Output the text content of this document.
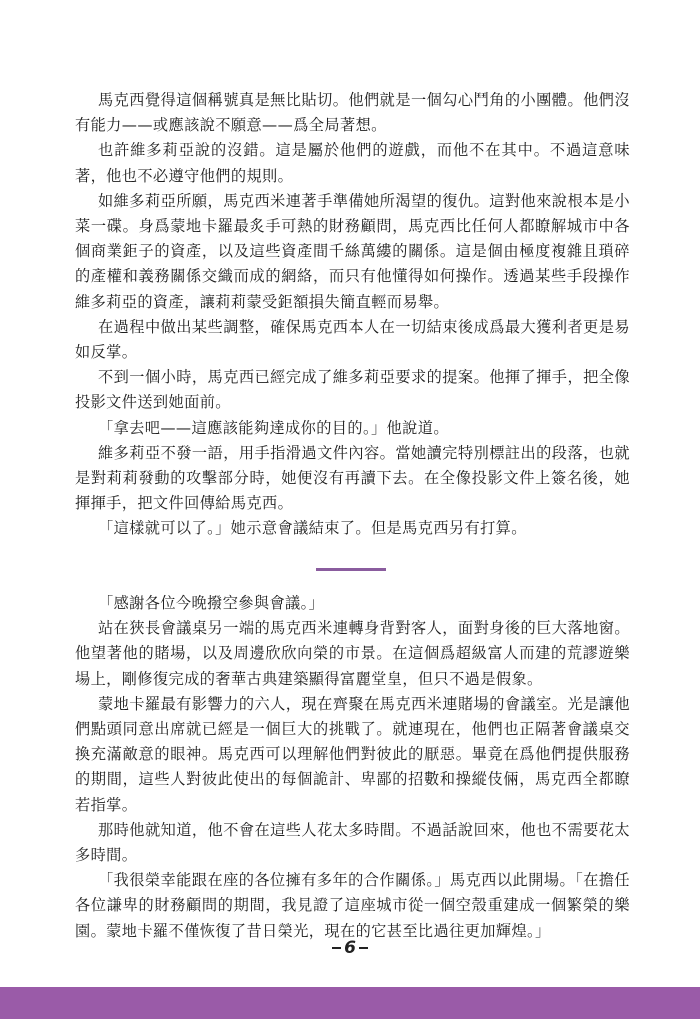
馬克西覺得這個稱號真是無比貼切。他們就是一個勾心鬥角的小團體。他們沒有能力——或應該說不願意——爲全局著想。

也許維多莉亞說的沒錯。這是屬於他們的遊戲，而他不在其中。不過這意味著，他也不必遵守他們的規則。

如維多莉亞所願，馬克西米連著手準備她所渴望的復仇。這對他來說根本是小菜一碟。身爲蒙地卡羅最炙手可熱的財務顧問，馬克西比任何人都瞭解城市中各個商業鉅子的資產，以及這些資產間千絲萬縷的關係。這是個由極度複雜且瑣碎的產權和義務關係交織而成的網絡，而只有他懂得如何操作。透過某些手段操作維多莉亞的資產，讓莉莉蒙受鉅額損失簡直輕而易舉。

在過程中做出某些調整，確保馬克西本人在一切結束後成爲最大獲利者更是易如反掌。

不到一個小時，馬克西已經完成了維多莉亞要求的提案。他揮了揮手，把全像投影文件送到她面前。

「拿去吧——這應該能夠達成你的目的。」他說道。

維多莉亞不發一語，用手指滑過文件內容。當她讀完特別標註出的段落，也就是對莉莉發動的攻擊部分時，她便沒有再讀下去。在全像投影文件上簽名後，她揮揮手，把文件回傳給馬克西。

「這樣就可以了。」她示意會議結束了。但是馬克西另有打算。

「感謝各位今晚撥空參與會議。」

站在狹長會議桌另一端的馬克西米連轉身背對客人，面對身後的巨大落地窗。他望著他的賭場，以及周邊欣欣向榮的市景。在這個爲超級富人而建的荒謬遊樂場上，剛修復完成的奢華古典建築顯得富麗堂皇，但只不過是假象。

蒙地卡羅最有影響力的六人，現在齊聚在馬克西米連賭場的會議室。光是讓他們點頭同意出席就已經是一個巨大的挑戰了。就連現在，他們也正隔著會議桌交換充滿敵意的眼神。馬克西可以理解他們對彼此的厭惡。畢竟在爲他們提供服務的期間，這些人對彼此使出的每個詭計、卑鄙的招數和操縱伎倆，馬克西全都瞭若指掌。

那時他就知道，他不會在這些人花太多時間。不過話說回來，他也不需要花太多時間。

「我很榮幸能跟在座的各位擁有多年的合作關係。」馬克西以此開場。「在擔任各位謙卑的財務顧問的期間，我見證了這座城市從一個空殼重建成一個繁榮的樂園。蒙地卡羅不僅恢復了昔日榮光，現在的它甚至比過往更加輝煌。」

6
